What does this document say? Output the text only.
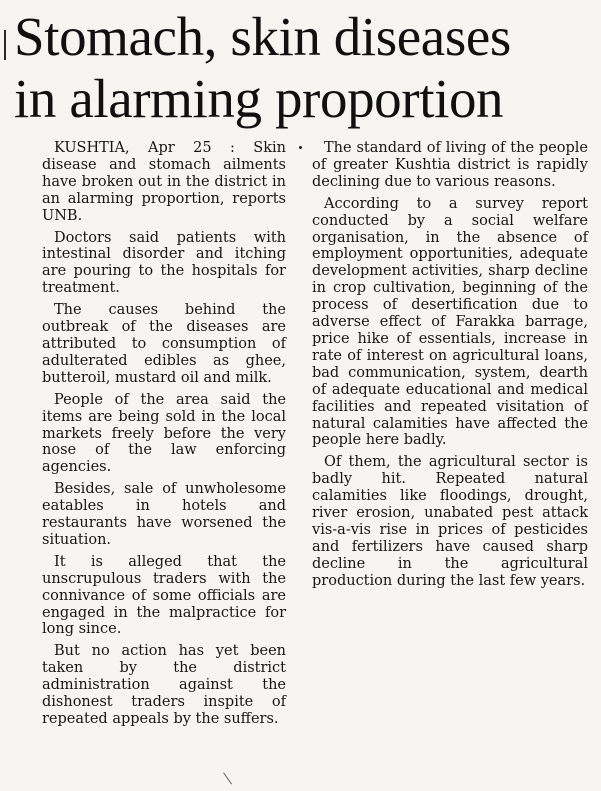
Stomach, skin diseases
in alarming proportion

KUSHTIA, Apr 25 : Skin disease and stomach ailments have broken out in the district in an alarming proportion, reports UNB.

Doctors said patients with intestinal disorder and itching are pouring to the hospitals for treatment.

The causes behind the outbreak of the diseases are attributed to consumption of adulterated edibles as ghee, butteroil, mustard oil and milk.

People of the area said the items are being sold in the local markets freely before the very nose of the law enforcing agencies.

Besides, sale of unwholesome eatables in hotels and restaurants have worsened the situation.

It is alleged that the unscrupulous traders with the connivance of some officials are engaged in the malpractice for long since.

But no action has yet been taken by the district administration against the dishonest traders inspite of repeated appeals by the suffers.

The standard of living of the people of greater Kushtia district is rapidly declining due to various reasons.

According to a survey report conducted by a social welfare organisation, in the absence of employment opportunities, adequate development activities, sharp decline in crop cultivation, beginning of the process of desertification due to adverse effect of Farakka barrage, price hike of essentials, increase in rate of interest on agricultural loans, bad communication, system, dearth of adequate educational and medical facilities and repeated visitation of natural calamities have affected the people here badly.

Of them, the agricultural sector is badly hit. Repeated natural calamities like floodings, drought, river erosion, unabated pest attack vis-a-vis rise in prices of pesticides and fertilizers have caused sharp decline in the agricultural production during the last few years.
